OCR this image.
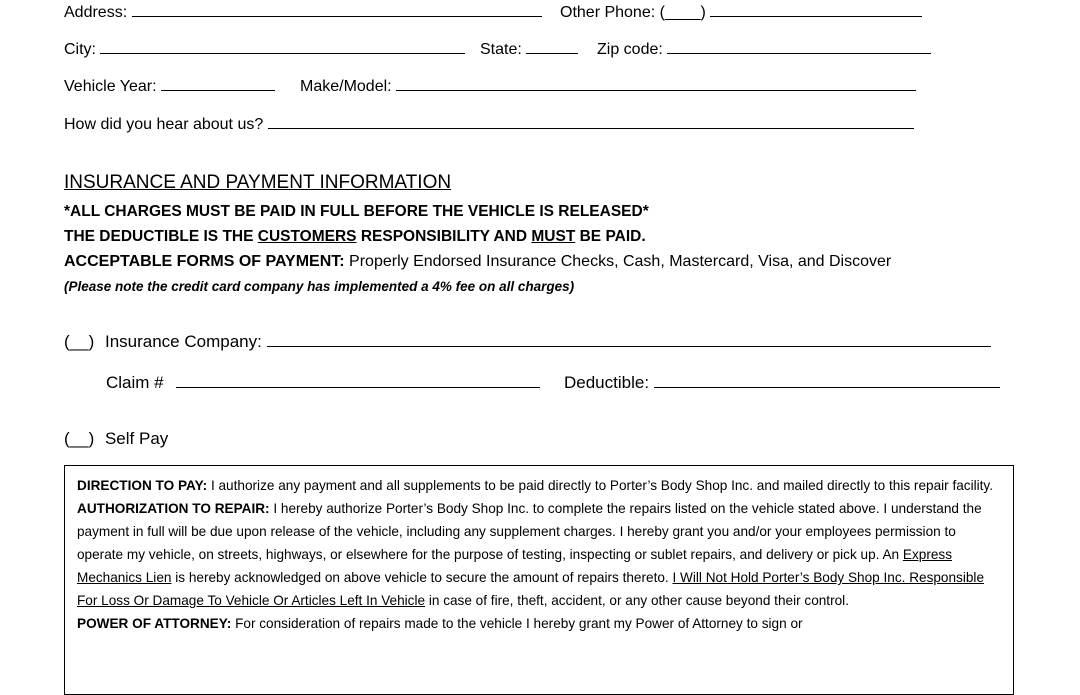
Address:	Other Phone: (____)
City:	State:	Zip code:
Vehicle Year:	Make/Model:
How did you hear about us?
INSURANCE AND PAYMENT INFORMATION
*ALL CHARGES MUST BE PAID IN FULL BEFORE THE VEHICLE IS RELEASED*
THE DEDUCTIBLE IS THE CUSTOMERS RESPONSIBILITY AND MUST BE PAID.
ACCEPTABLE FORMS OF PAYMENT: Properly Endorsed Insurance Checks, Cash, Mastercard, Visa, and Discover
(Please note the credit card company has implemented a 4% fee on all charges)
(__) Insurance Company:
Claim #	Deductible:
(__) Self Pay

DIRECTION TO PAY: I authorize any payment and all supplements to be paid directly to Porter’s Body Shop Inc. and mailed directly to this repair facility.

AUTHORIZATION TO REPAIR: I hereby authorize Porter’s Body Shop Inc. to complete the repairs listed on the vehicle stated above. I understand the payment in full will be due upon release of the vehicle, including any supplement charges. I hereby grant you and/or your employees permission to operate my vehicle, on streets, highways, or elsewhere for the purpose of testing, inspecting or sublet repairs, and delivery or pick up. An Express Mechanics Lien is hereby acknowledged on above vehicle to secure the amount of repairs thereto. I Will Not Hold Porter’s Body Shop Inc. Responsible For Loss Or Damage To Vehicle Or Articles Left In Vehicle in case of fire, theft, accident, or any other cause beyond their control.

POWER OF ATTORNEY: For consideration of repairs made to the vehicle I hereby grant my Power of Attorney to sign or
